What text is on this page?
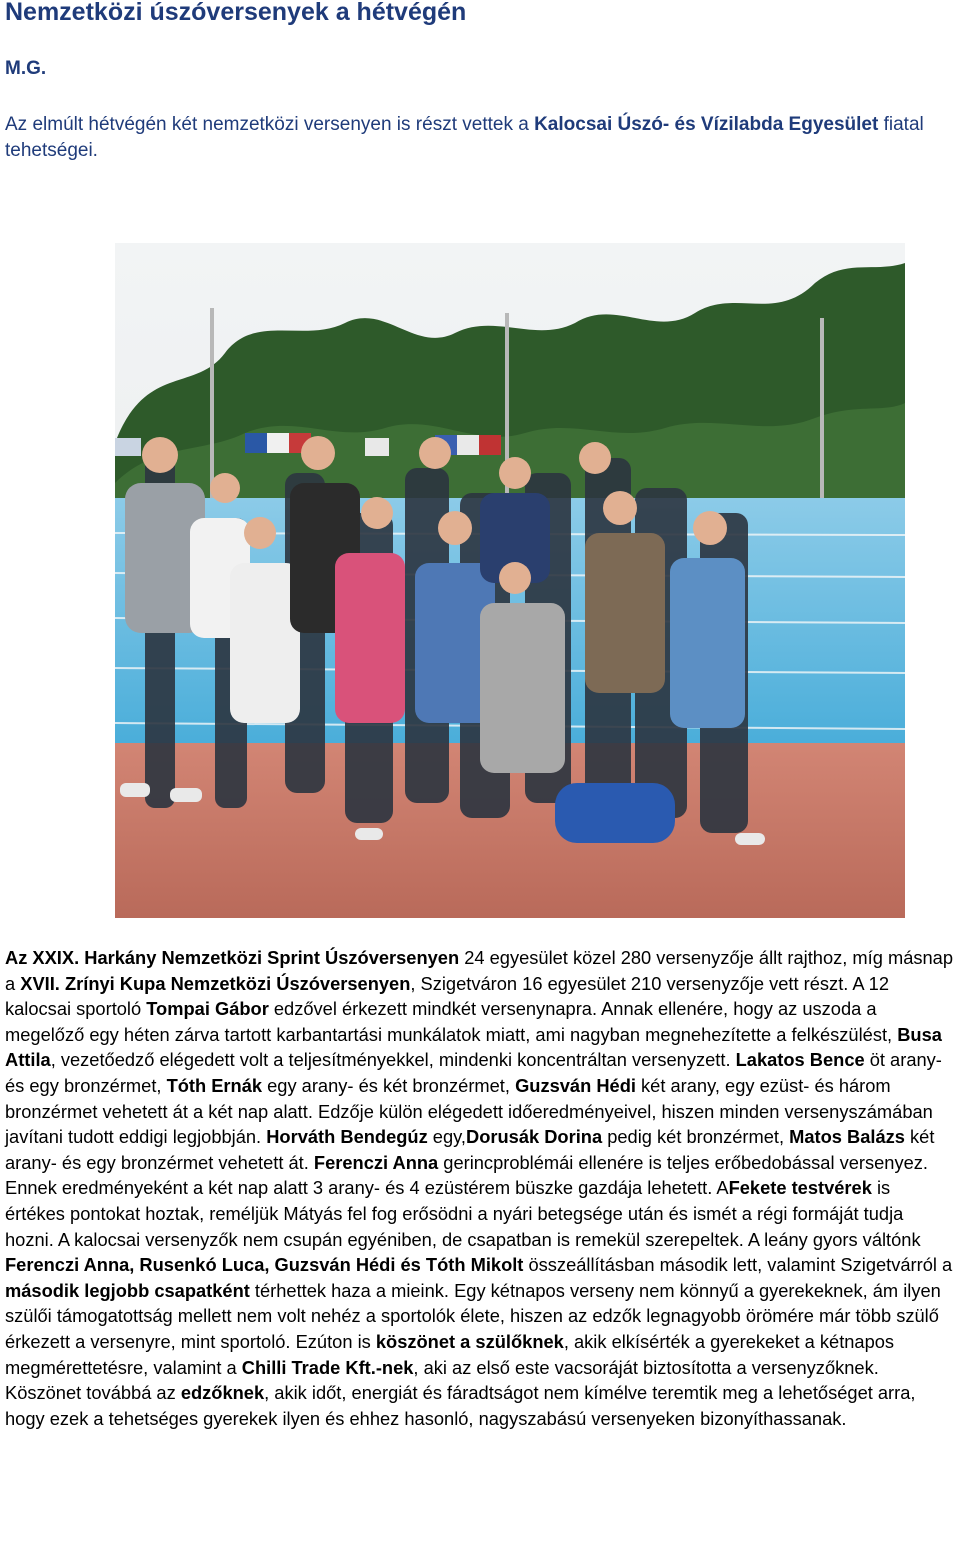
Nemzetközi úszóversenyek a hétvégén

M.G.

Az elmúlt hétvégén két nemzetközi versenyen is részt vettek a Kalocsai Úszó- és Vízilabda Egyesület fiatal tehetségei.

Az XXIX. Harkány Nemzetközi Sprint Úszóversenyen 24 egyesület közel 280 versenyzője állt rajthoz, míg másnap a XVII. Zrínyi Kupa Nemzetközi Úszóversenyen, Szigetváron 16 egyesület 210 versenyzője vett részt. A 12 kalocsai sportoló Tompai Gábor edzővel érkezett mindkét versenynapra. Annak ellenére, hogy az uszoda a megelőző egy héten zárva tartott karbantartási munkálatok miatt, ami nagyban megnehezítette a felkészülést, Busa Attila, vezetőedző elégedett volt a teljesítményekkel, mindenki koncentráltan versenyzett. Lakatos Bence öt arany- és egy bronzérmet, Tóth Ernák egy arany- és két bronzérmet, Guzsván Hédi két arany, egy ezüst- és három bronzérmet vehetett át a két nap alatt. Edzője külön elégedett időeredményeivel, hiszen minden versenyszámában javítani tudott eddigi legjobbján. Horváth Bendegúz egy,Dorusák Dorina pedig két bronzérmet, Matos Balázs két arany- és egy bronzérmet vehetett át. Ferenczi Anna gerincproblémái ellenére is teljes erőbedobással versenyez. Ennek eredményeként a két nap alatt 3 arany- és 4 ezüstérem büszke gazdája lehetett. AFekete testvérek is értékes pontokat hoztak, reméljük Mátyás fel fog erősödni a nyári betegsége után és ismét a régi formáját tudja hozni. A kalocsai versenyzők nem csupán egyéniben, de csapatban is remekül szerepeltek. A leány gyors váltónk Ferenczi Anna, Rusenkó Luca, Guzsván Hédi és Tóth Mikolt összeállításban második lett, valamint Szigetvárról a második legjobb csapatként térhettek haza a mieink. Egy kétnapos verseny nem könnyű a gyerekeknek, ám ilyen szülői támogatottság mellett nem volt nehéz a sportolók élete, hiszen az edzők legnagyobb örömére már több szülő érkezett a versenyre, mint sportoló. Ezúton is köszönet a szülőknek, akik elkísérték a gyerekeket a kétnapos megmérettetésre, valamint a Chilli Trade Kft.-nek, aki az első este vacsoráját biztosította a versenyzőknek. Köszönet továbbá az edzőknek, akik időt, energiát és fáradtságot nem kímélve teremtik meg a lehetőséget arra, hogy ezek a tehetséges gyerekek ilyen és ehhez hasonló, nagyszabású versenyeken bizonyíthassanak.
